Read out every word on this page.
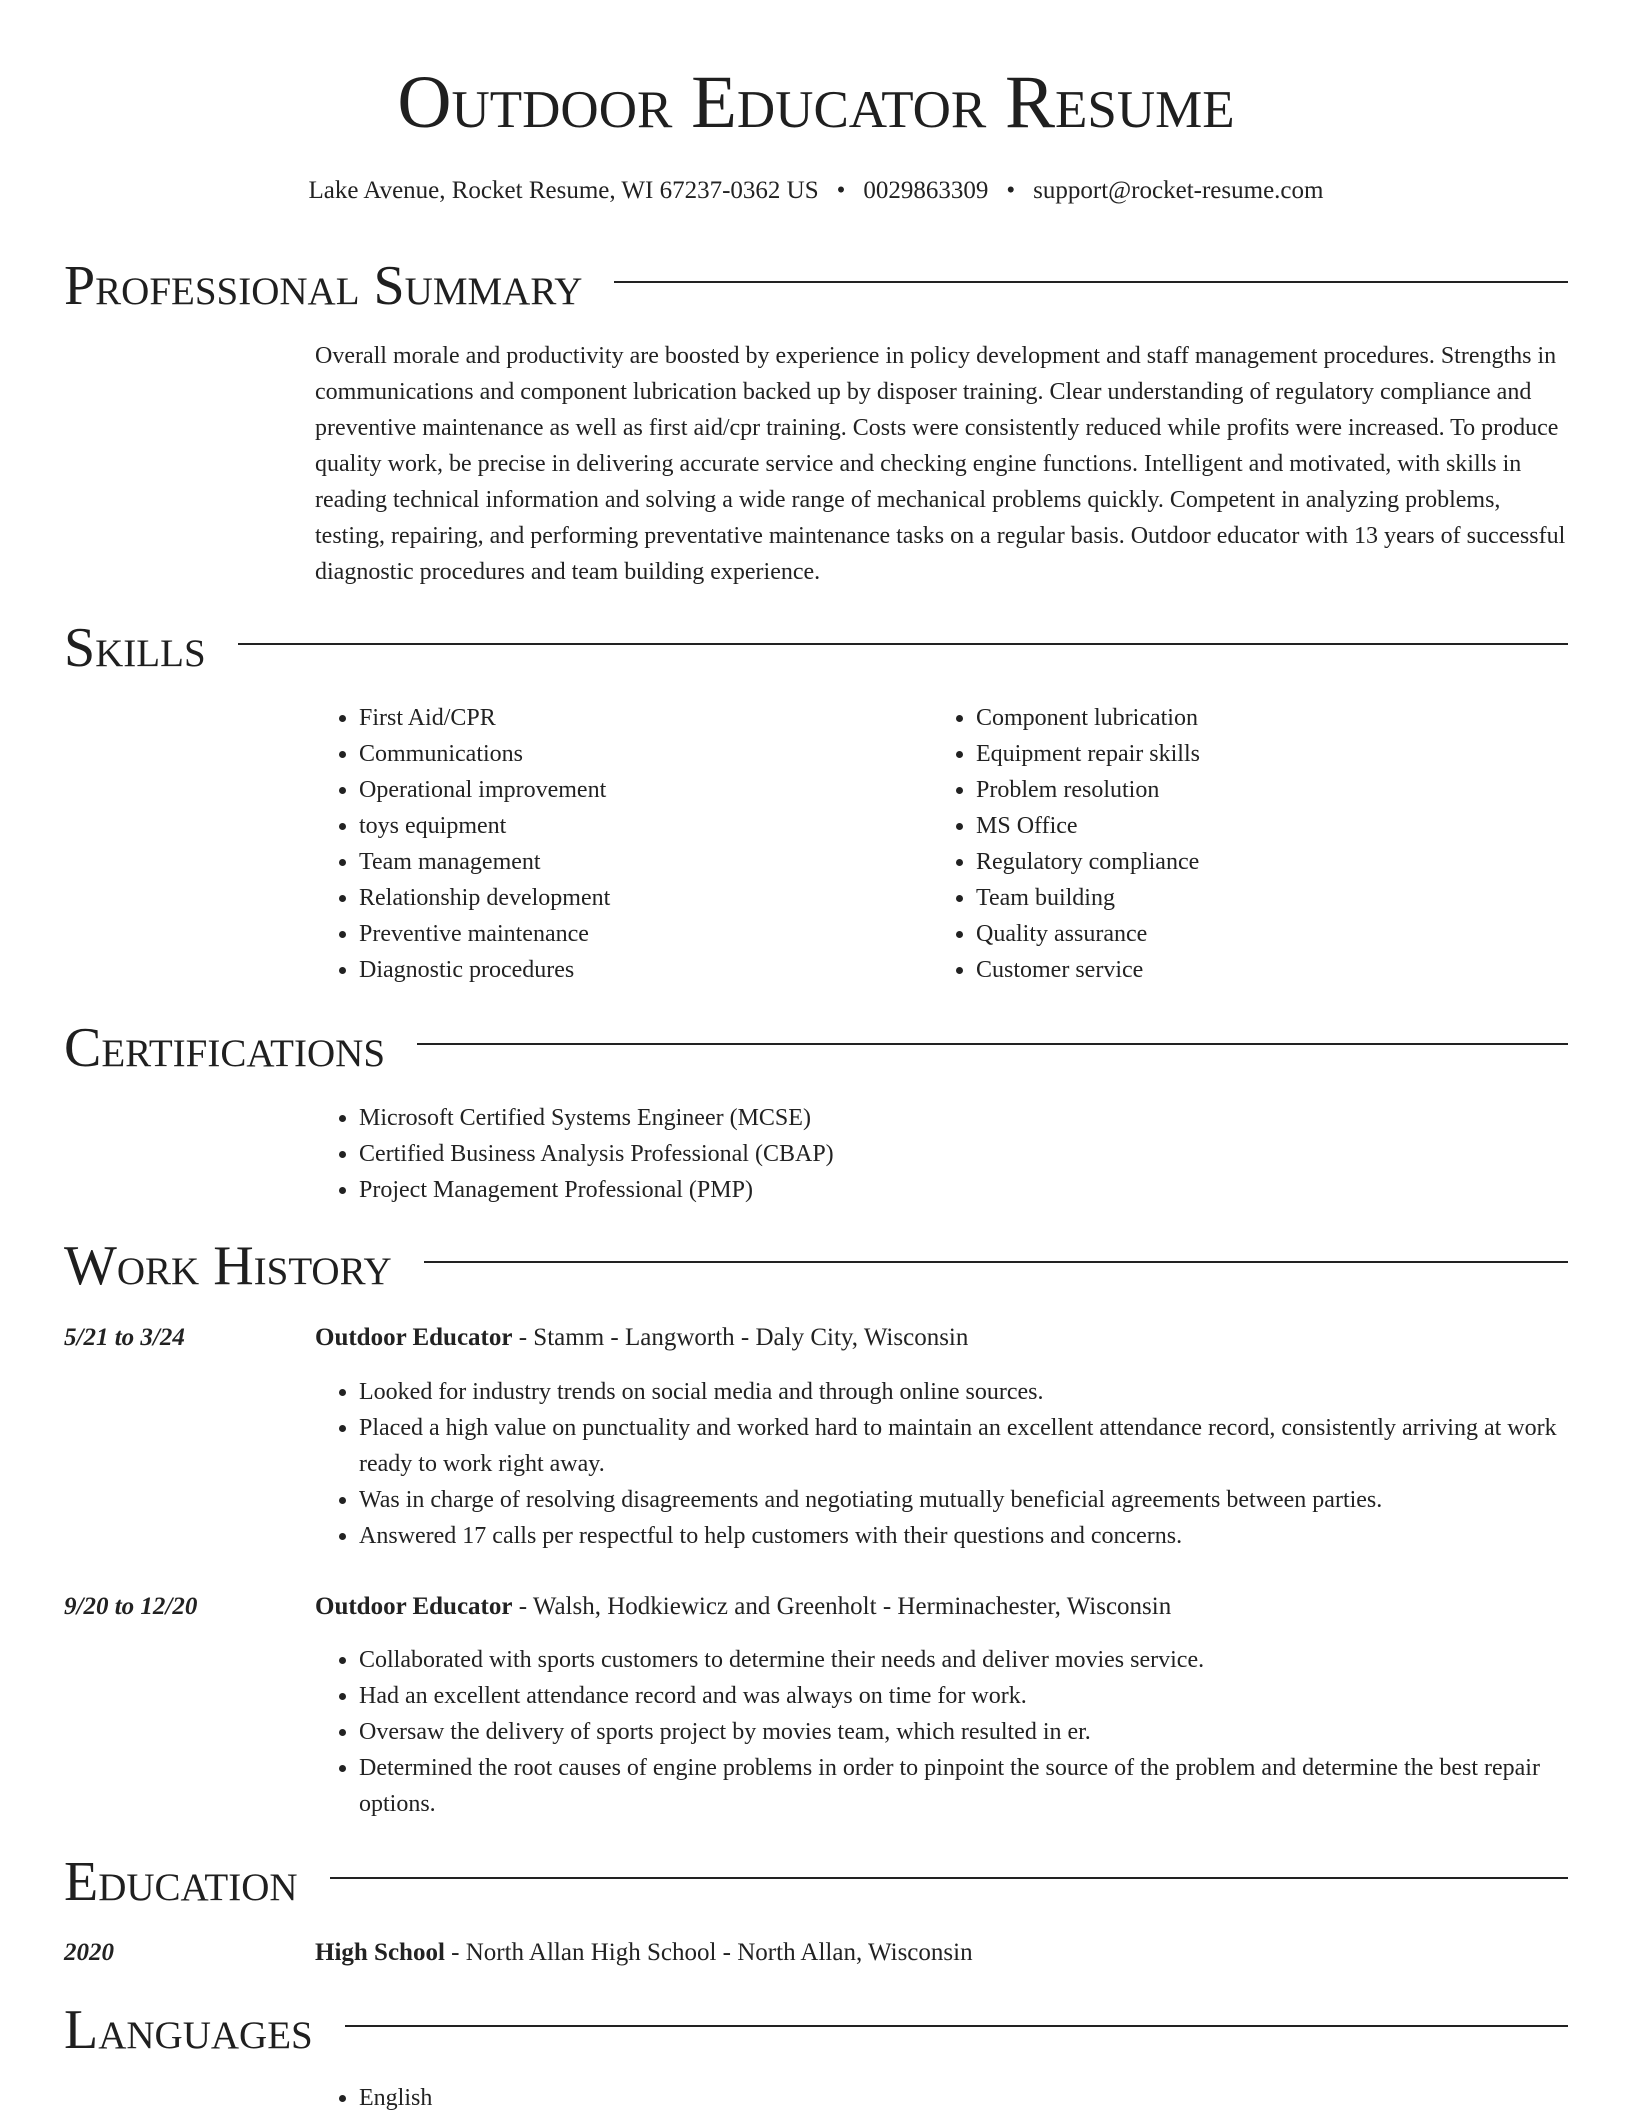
Outdoor Educator Resume
Lake Avenue, Rocket Resume, WI 67237-0362 US • 0029863309 • support@rocket-resume.com
Professional Summary

Overall morale and productivity are boosted by experience in policy development and staff management procedures. Strengths in communications and component lubrication backed up by disposer training. Clear understanding of regulatory compliance and preventive maintenance as well as first aid/cpr training. Costs were consistently reduced while profits were increased. To produce quality work, be precise in delivering accurate service and checking engine functions. Intelligent and motivated, with skills in reading technical information and solving a wide range of mechanical problems quickly. Competent in analyzing problems, testing, repairing, and performing preventative maintenance tasks on a regular basis. Outdoor educator with 13 years of successful diagnostic procedures and team building experience.

Skills
• First Aid/CPR
• Communications
• Operational improvement
• toys equipment
• Team management
• Relationship development
• Preventive maintenance
• Diagnostic procedures
• Component lubrication
• Equipment repair skills
• Problem resolution
• MS Office
• Regulatory compliance
• Team building
• Quality assurance
• Customer service
Certifications
• Microsoft Certified Systems Engineer (MCSE)
• Certified Business Analysis Professional (CBAP)
• Project Management Professional (PMP)
Work History
5/21 to 3/24	Outdoor Educator - Stamm - Langworth - Daly City, Wisconsin
• Looked for industry trends on social media and through online sources.
• Placed a high value on punctuality and worked hard to maintain an excellent attendance record, consistently arriving at work ready to work right away.
• Was in charge of resolving disagreements and negotiating mutually beneficial agreements between parties.
• Answered 17 calls per respectful to help customers with their questions and concerns.
9/20 to 12/20	Outdoor Educator - Walsh, Hodkiewicz and Greenholt - Herminachester, Wisconsin
• Collaborated with sports customers to determine their needs and deliver movies service.
• Had an excellent attendance record and was always on time for work.
• Oversaw the delivery of sports project by movies team, which resulted in er.
• Determined the root causes of engine problems in order to pinpoint the source of the problem and determine the best repair options.
Education
2020	High School - North Allan High School - North Allan, Wisconsin
Languages
• English
